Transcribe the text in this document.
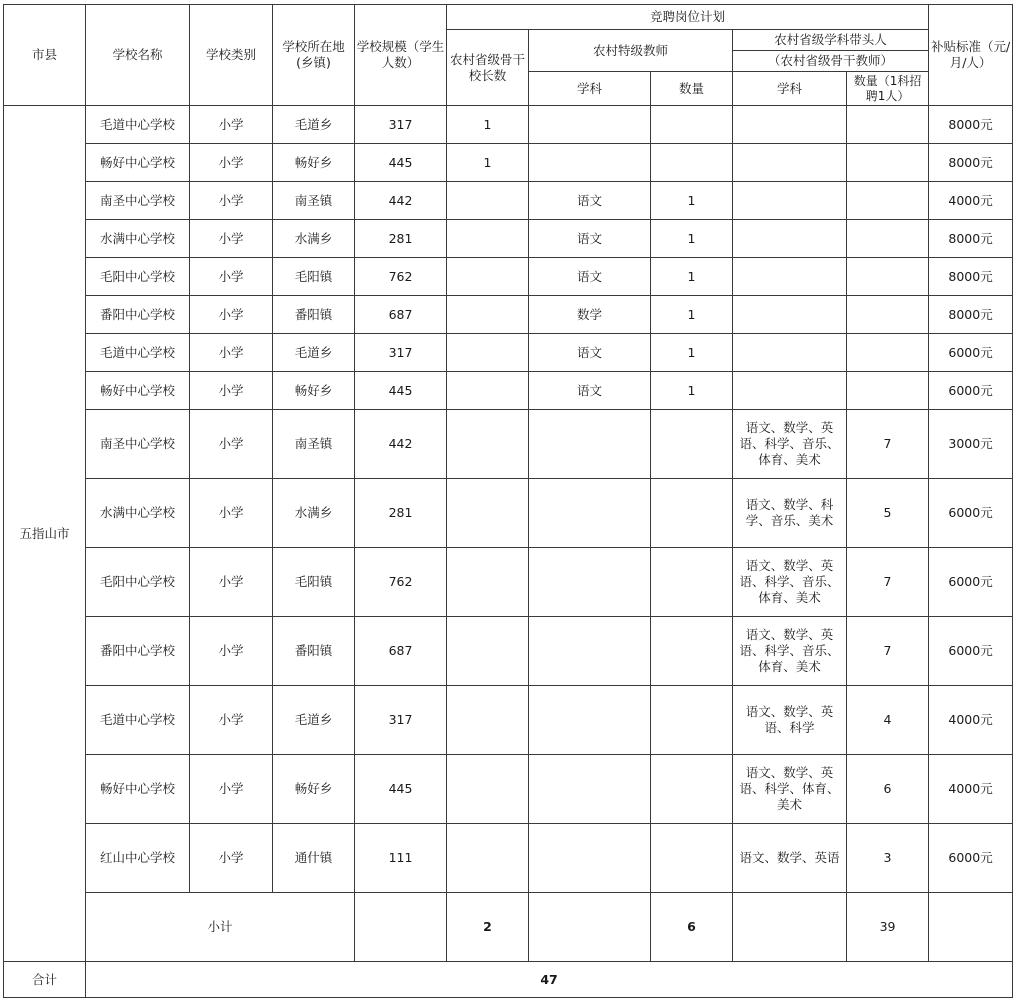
市县	学校名称	学校类别	学校所在地(乡镇)	学校规模（学生人数）	竞聘岗位计划					补贴标准（元/月/人）
					农村省级骨干校长数	农村特级教师		农村省级学科带头人		
								（农村省级骨干教师）		
						学科	数量	学科	数量（1科招聘1人）	
五指山市	毛道中心学校	小学	毛道乡	317	1					8000元
	畅好中心学校	小学	畅好乡	445	1					8000元
	南圣中心学校	小学	南圣镇	442		语文	1			4000元
	水满中心学校	小学	水满乡	281		语文	1			8000元
	毛阳中心学校	小学	毛阳镇	762		语文	1			8000元
	番阳中心学校	小学	番阳镇	687		数学	1			8000元
	毛道中心学校	小学	毛道乡	317		语文	1			6000元
	畅好中心学校	小学	畅好乡	445		语文	1			6000元
	南圣中心学校	小学	南圣镇	442				语文、数学、英语、科学、音乐、体育、美术	7	3000元
	水满中心学校	小学	水满乡	281				语文、数学、科学、音乐、美术	5	6000元
	毛阳中心学校	小学	毛阳镇	762				语文、数学、英语、科学、音乐、体育、美术	7	6000元
	番阳中心学校	小学	番阳镇	687				语文、数学、英语、科学、音乐、体育、美术	7	6000元
	毛道中心学校	小学	毛道乡	317				语文、数学、英语、科学	4	4000元
	畅好中心学校	小学	畅好乡	445				语文、数学、英语、科学、体育、美术	6	4000元
	红山中心学校	小学	通什镇	111				语文、数学、英语	3	6000元
	小计				2		6		39	
合计	47									
